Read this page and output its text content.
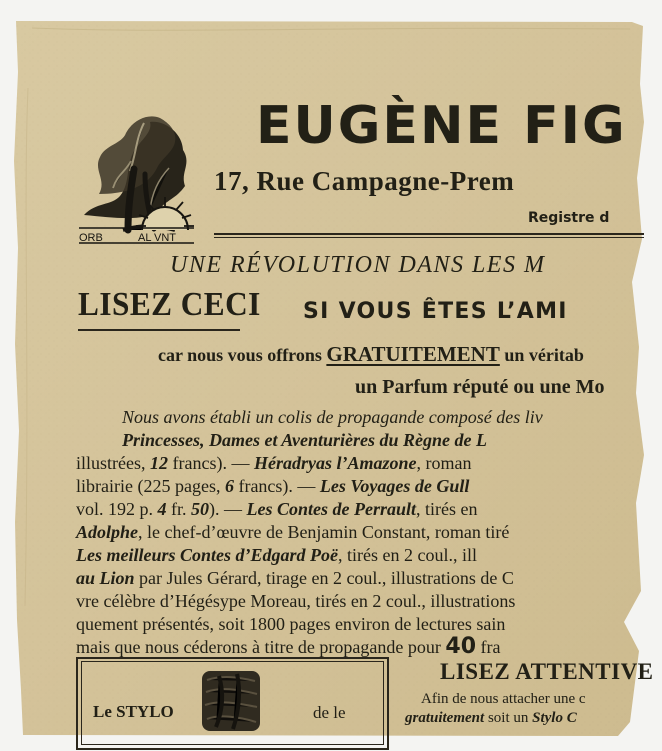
ORB	AL VNT
EUGÈNE FIG
17, Rue Campagne-Prem
Registre d
UNE RÉVOLUTION DANS LES M
LISEZ CECI SI VOUS ÊTES L’AMI
car nous vous offrons GRATUITEMENT un véritab
un Parfum réputé ou une Mo
Nous avons établi un colis de propagande composé des liv
Princesses, Dames et Aventurières du Règne de L
illustrées, 12 francs). — Héradryas l’Amazone, roman
librairie (225 pages, 6 francs). — Les Voyages de Gull
vol. 192 p. 4 fr. 50). — Les Contes de Perrault, tirés en
Adolphe, le chef-d’œuvre de Benjamin Constant, roman tiré
Les meilleurs Contes d’Edgard Poë, tirés en 2 coul., ill
au Lion par Jules Gérard, tirage en 2 coul., illustrations de C
vre célèbre d’Hégésype Moreau, tirés en 2 coul., illustrations
quement présentés, soit 1800 pages environ de lectures sain
mais que nous céderons à titre de propagande pour 40 fra
Le STYLO	de le
LISEZ ATTENTIVE
Afin de nous attacher une c
gratuitement soit un Stylo C
